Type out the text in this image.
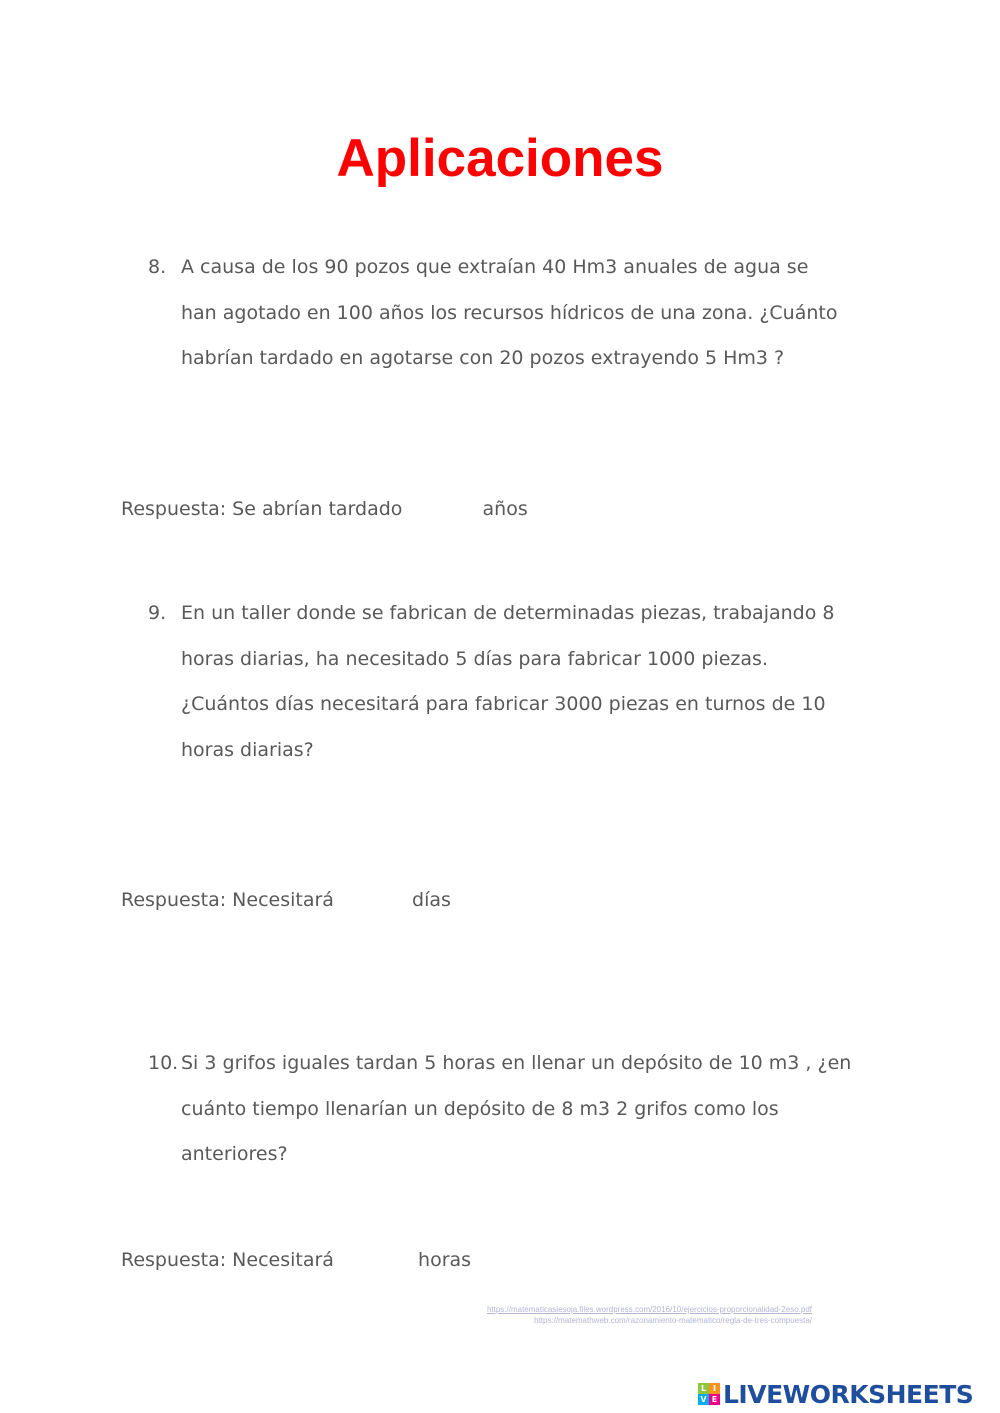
Aplicaciones
8. A causa de los 90 pozos que extraían 40 Hm3 anuales de agua se
han agotado en 100 años los recursos hídricos de una zona. ¿Cuánto
habrían tardado en agotarse con 20 pozos extrayendo 5 Hm3 ?
Respuesta: Se abrían tardado	años
9. En un taller donde se fabrican de determinadas piezas, trabajando 8
horas diarias, ha necesitado 5 días para fabricar 1000 piezas.
¿Cuántos días necesitará para fabricar 3000 piezas en turnos de 10
horas diarias?
Respuesta: Necesitará	días
10. Si 3 grifos iguales tardan 5 horas en llenar un depósito de 10 m3 , ¿en
cuánto tiempo llenarían un depósito de 8 m3 2 grifos como los
anteriores?
Respuesta: Necesitará	horas
https://matematicasiesoja.files.wordpress.com/2016/10/ejercicios-proporcionalidad-2eso.pdf
https://matemathweb.com/razonamiento-matematico/regla-de-tres-compuesta/
L I
V E LIVEWORKSHEETS
